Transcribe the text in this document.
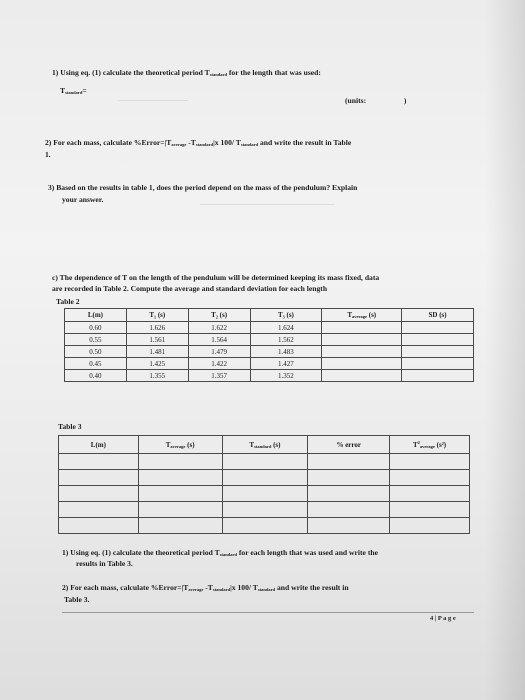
1) Using eq. (1) calculate the theoretical period $T_{standard}$ for the length that was used:
$T_{standard}=$
─────────────	(units:	)
2) For each mass, calculate $\%Error=|T_{average}$ $-T_{standard}|x$ 100/ $T_{standard}$ and write the result in Table
1.
3) Based on the results in table 1, does the period depend on the mass of the pendulum? Explain
your answer.
─────────────────────────
c) The dependence of T on the length of the pendulum will be determined keeping its mass fixed, data
are recorded in Table 2. Compute the average and standard deviation for each length
Table 2
L(m)	T₁ (s)	T₂ (s)	T₃ (s)	$T_{average}$ (s)	SD (s)
0.60	1.626	1.622	1.624		
0.55	1.561	1.564	1.562		
0.50	1.481	1.479	1.483		
0.45	1.425	1.422	1.427		
0.40	1.355	1.357	1.352		
Table 3
L(m)	$T_{average}$ (s)	$T_{standard}$ (s)	% error	$T^2_{average}$ (s²)

1) Using eq. (1) calculate the theoretical period $T_{standard}$ for each length that was used and write the
results in Table 3.
2) For each mass, calculate $\%Error=|T_{average}$ $-T_{standard}|x$ 100/ $T_{standard}$ and write the result in
Table 3.
4 | P a g e
